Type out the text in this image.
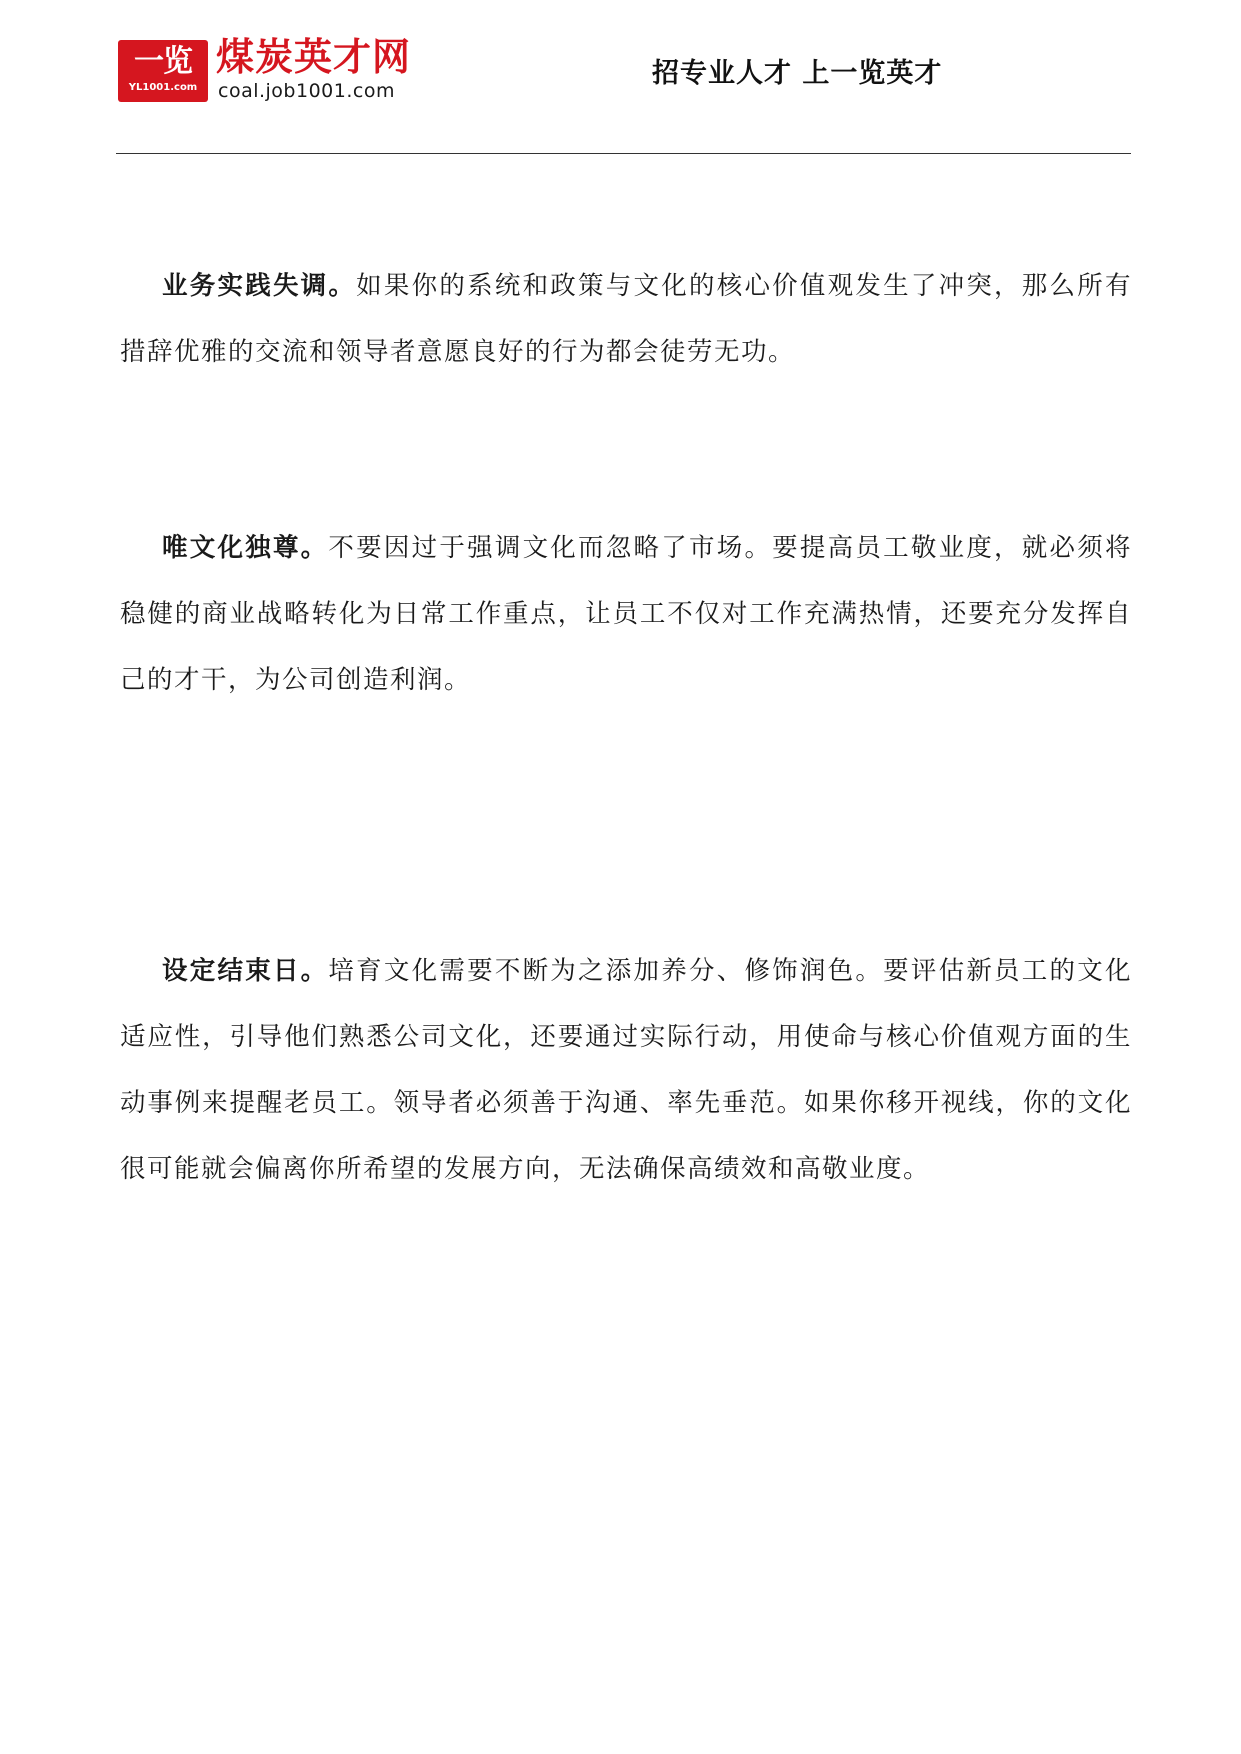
一览
YL1001.com
煤炭英才网
coal.job1001.com
招专业人才 上一览英才

业务实践失调。如果你的系统和政策与文化的核心价值观发生了冲突，那么所有措辞优雅的交流和领导者意愿良好的行为都会徒劳无功。

唯文化独尊。不要因过于强调文化而忽略了市场。要提高员工敬业度，就必须将稳健的商业战略转化为日常工作重点，让员工不仅对工作充满热情，还要充分发挥自己的才干，为公司创造利润。

设定结束日。培育文化需要不断为之添加养分、修饰润色。要评估新员工的文化适应性，引导他们熟悉公司文化，还要通过实际行动，用使命与核心价值观方面的生动事例来提醒老员工。领导者必须善于沟通、率先垂范。如果你移开视线，你的文化很可能就会偏离你所希望的发展方向，无法确保高绩效和高敬业度。
